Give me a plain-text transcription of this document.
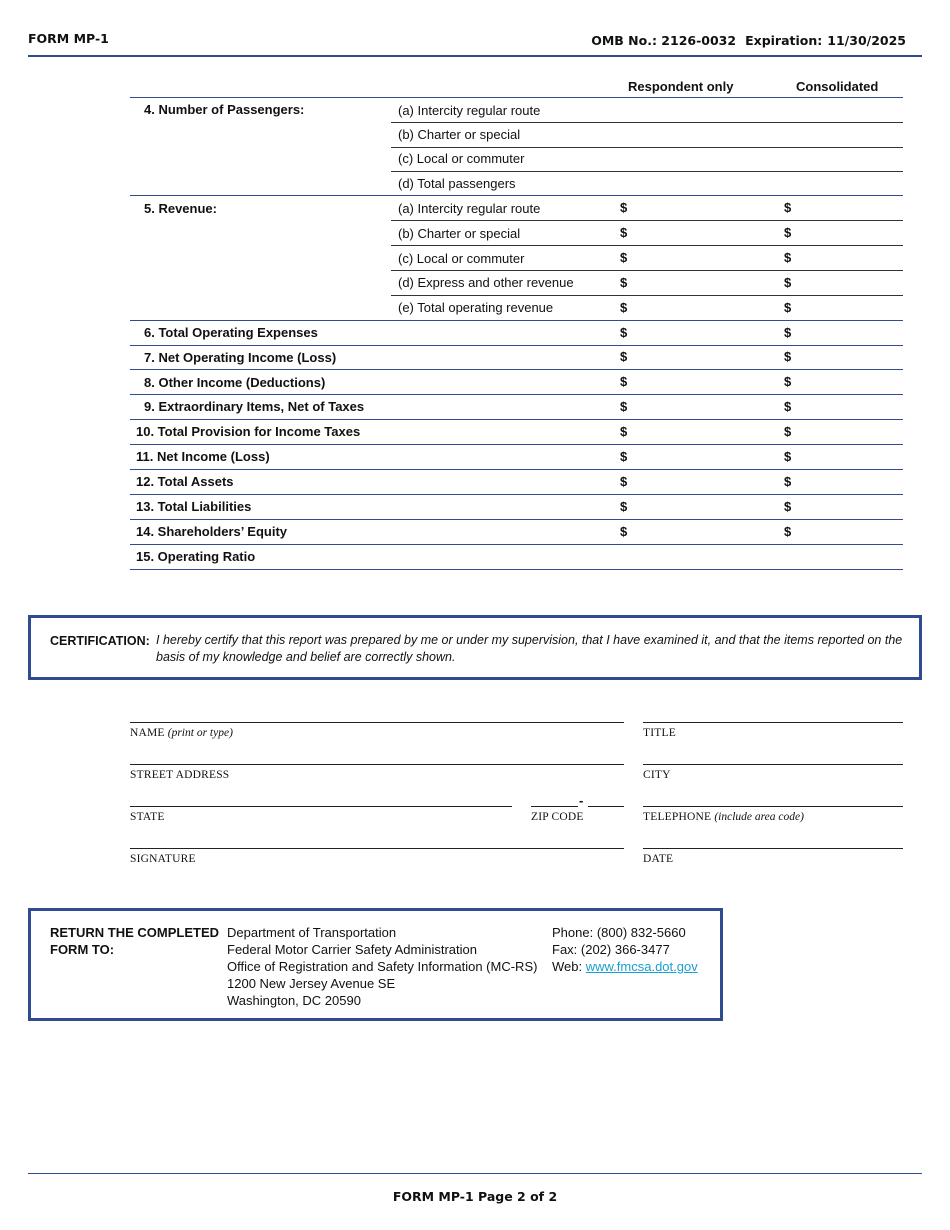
FORM MP-1	OMB No.: 2126-0032 Expiration: 11/30/2025
Respondent only	Consolidated
4. Number of Passengers:	(a) Intercity regular route
(b) Charter or special
(c) Local or commuter
(d) Total passengers
5. Revenue:	(a) Intercity regular route	$	$
(b) Charter or special	$	$
(c) Local or commuter	$	$
(d) Express and other revenue	$	$
(e) Total operating revenue	$	$
6. Total Operating Expenses	$	$
7. Net Operating Income (Loss)	$	$
8. Other Income (Deductions)	$	$
9. Extraordinary Items, Net of Taxes	$	$
10. Total Provision for Income Taxes	$	$
11. Net Income (Loss)	$	$
12. Total Assets	$	$
13. Total Liabilities	$	$
14. Shareholders’ Equity	$	$
15. Operating Ratio
CERTIFICATION: I hereby certify that this report was prepared by me or under my supervision, that I have examined it, and that the items reported on the basis of my knowledge and belief are correctly shown.
NAME (print or type)	TITLE
STREET ADDRESS	CITY
-
STATE	ZIP CODE	TELEPHONE (include area code)
SIGNATURE	DATE
RETURN THE COMPLETED FORM TO:
Department of Transportation
Federal Motor Carrier Safety Administration
Office of Registration and Safety Information (MC-RS)
1200 New Jersey Avenue SE
Washington, DC 20590
Phone: (800) 832-5660
Fax: (202) 366-3477
Web: www.fmcsa.dot.gov
FORM MP-1 Page 2 of 2
